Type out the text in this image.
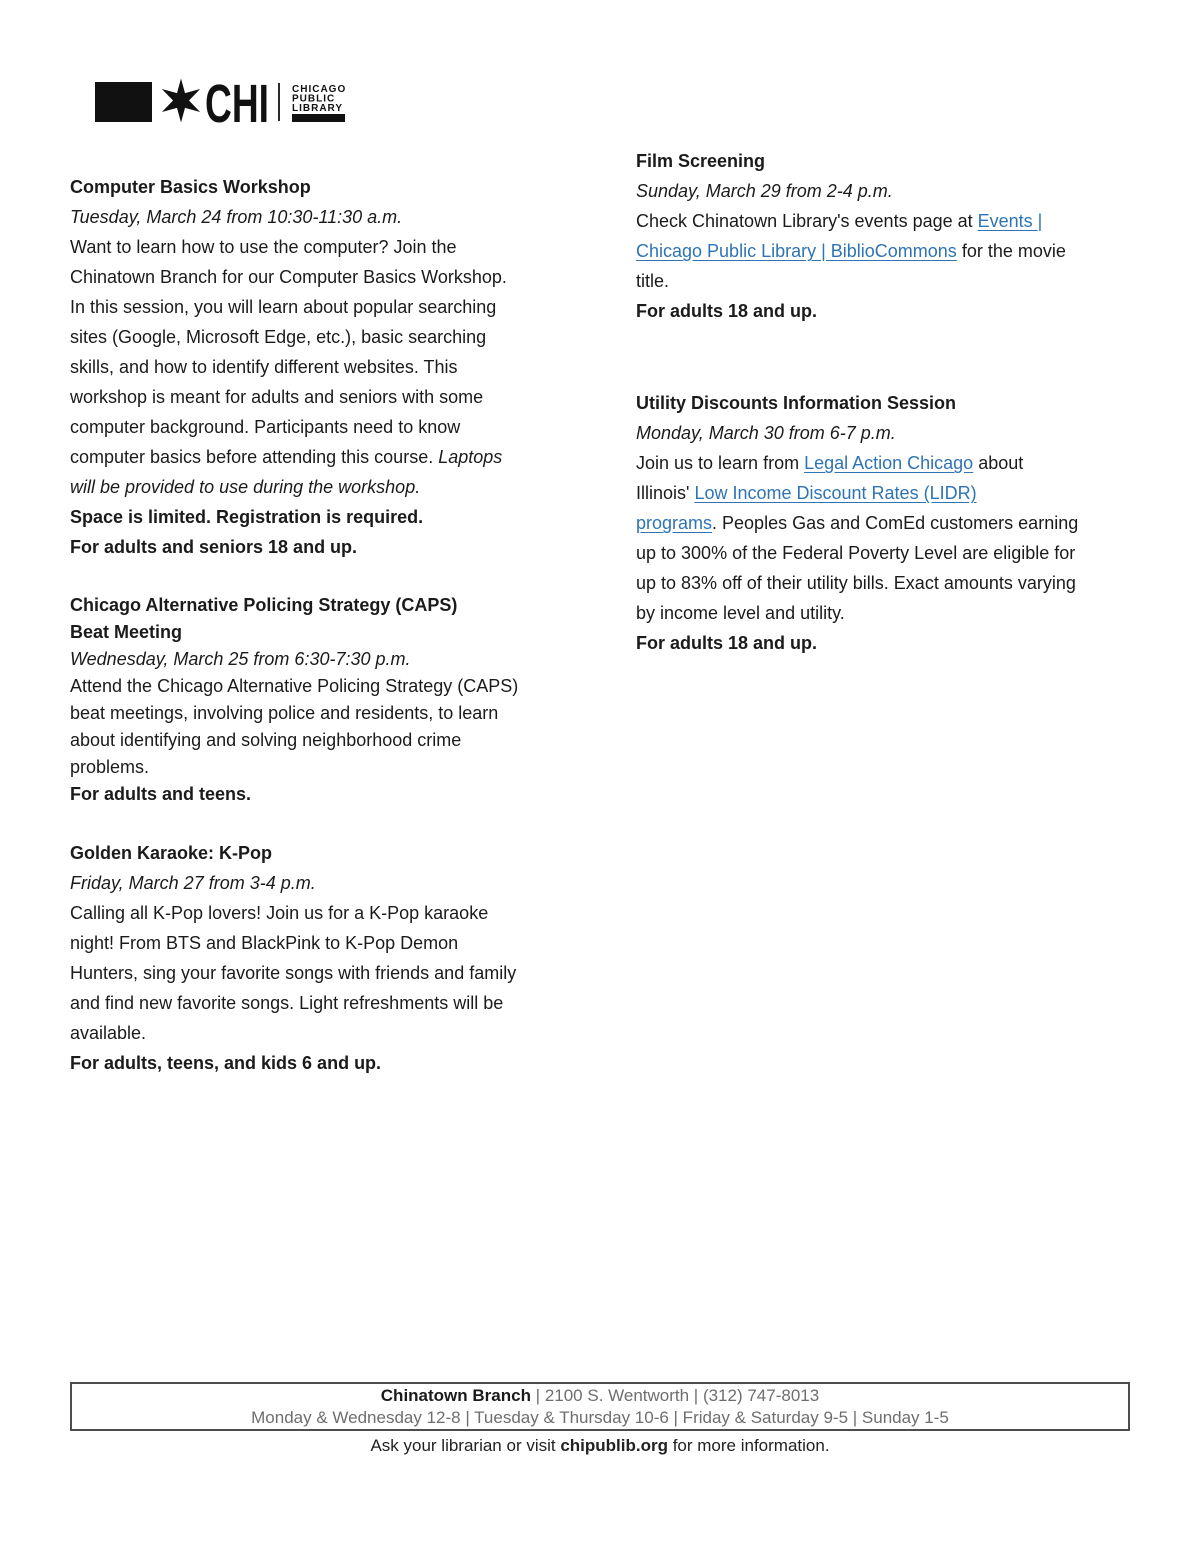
CHI CHICAGO
PUBLIC
LIBRARY
Computer Basics Workshop

Tuesday, March 24 from 10:30-11:30 a.m.

Want to learn how to use the computer? Join the
Chinatown Branch for our Computer Basics Workshop.
In this session, you will learn about popular searching
sites (Google, Microsoft Edge, etc.), basic searching
skills, and how to identify different websites. This
workshop is meant for adults and seniors with some
computer background. Participants need to know
computer basics before attending this course. Laptops
will be provided to use during the workshop.
Space is limited. Registration is required.
For adults and seniors 18 and up.
Chicago Alternative Policing Strategy (CAPS)
Beat Meeting

Wednesday, March 25 from 6:30-7:30 p.m.

Attend the Chicago Alternative Policing Strategy (CAPS)
beat meetings, involving police and residents, to learn
about identifying and solving neighborhood crime
problems.
For adults and teens.
Golden Karaoke: K-Pop

Friday, March 27 from 3-4 p.m.

Calling all K-Pop lovers! Join us for a K-Pop karaoke
night! From BTS and BlackPink to K-Pop Demon
Hunters, sing your favorite songs with friends and family
and find new favorite songs. Light refreshments will be
available.
For adults, teens, and kids 6 and up.
Film Screening

Sunday, March 29 from 2-4 p.m.

Check Chinatown Library's events page at Events |
Chicago Public Library | BiblioCommons for the movie
title.
For adults 18 and up.
Utility Discounts Information Session

Monday, March 30 from 6-7 p.m.

Join us to learn from Legal Action Chicago about
Illinois' Low Income Discount Rates (LIDR)
programs. Peoples Gas and ComEd customers earning
up to 300% of the Federal Poverty Level are eligible for
up to 83% off of their utility bills. Exact amounts varying
by income level and utility.
For adults 18 and up.
Chinatown Branch | 2100 S. Wentworth | (312) 747-8013
Monday & Wednesday 12-8 | Tuesday & Thursday 10-6 | Friday & Saturday 9-5 | Sunday 1-5
Ask your librarian or visit chipublib.org for more information.
